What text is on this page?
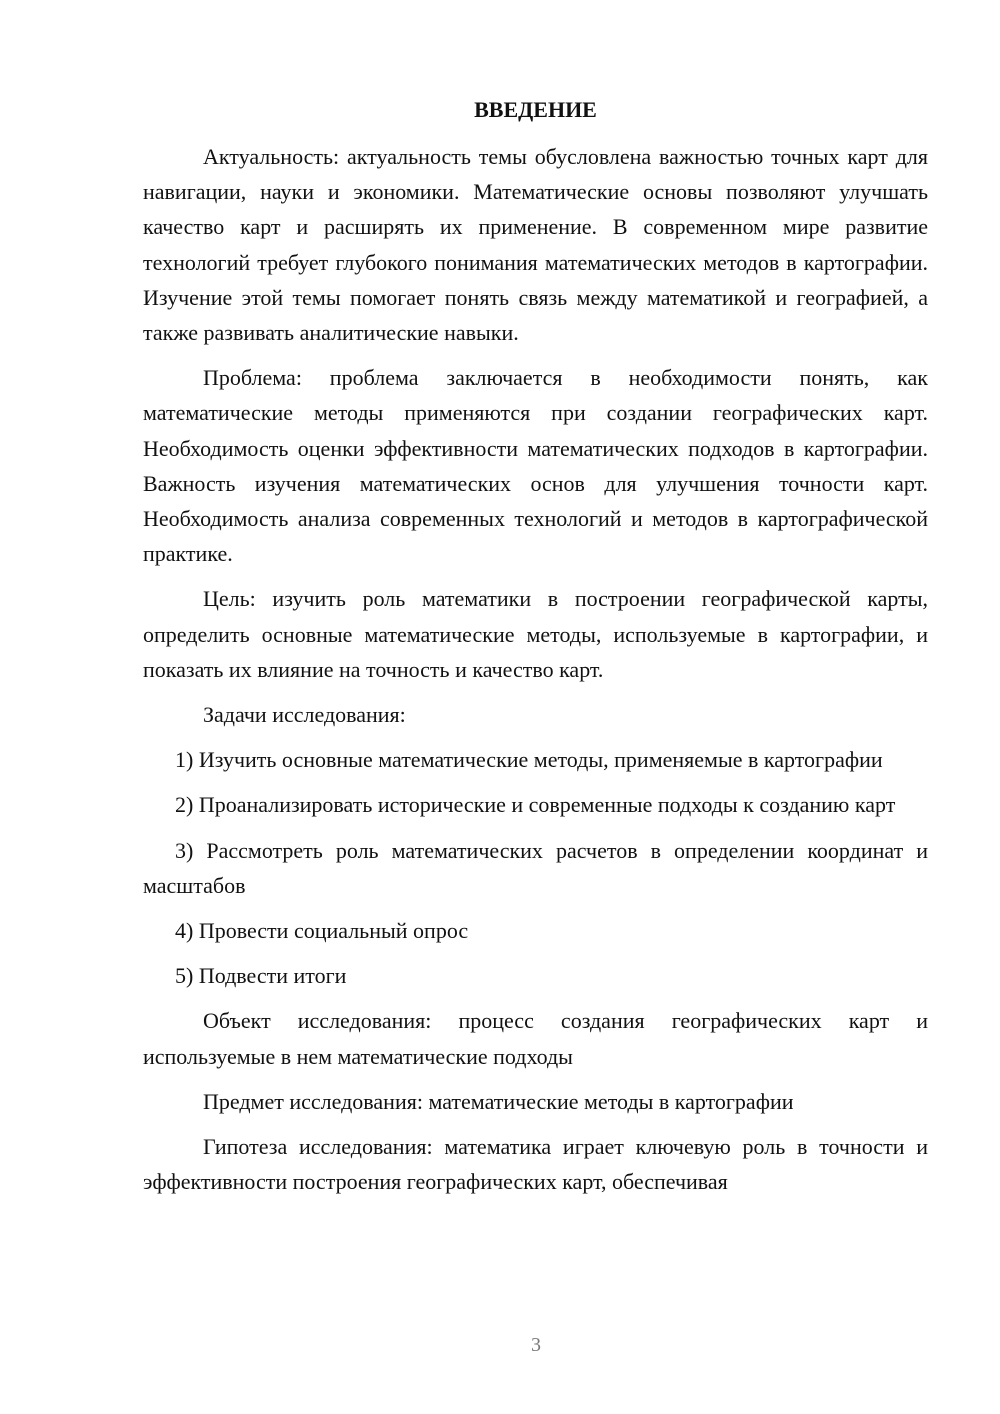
ВВЕДЕНИЕ

Актуальность: актуальность темы обусловлена важностью точных карт для навигации, науки и экономики. Математические основы позволяют улучшать качество карт и расширять их применение. В современном мире развитие технологий требует глубокого понимания математических методов в картографии. Изучение этой темы помогает понять связь между математикой и географией, а также развивать аналитические навыки.

Проблема: проблема заключается в необходимости понять, как математические методы применяются при создании географических карт. Необходимость оценки эффективности математических подходов в картографии. Важность изучения математических основ для улучшения точности карт. Необходимость анализа современных технологий и методов в картографической практике.

Цель: изучить роль математики в построении географической карты, определить основные математические методы, используемые в картографии, и показать их влияние на точность и качество карт.

Задачи исследования:

1) Изучить основные математические методы, применяемые в картографии

2) Проанализировать исторические и современные подходы к созданию карт

3) Рассмотреть роль математических расчетов в определении координат и масштабов

4) Провести социальный опрос

5) Подвести итоги

Объект исследования: процесс создания географических карт и используемые в нем математические подходы

Предмет исследования: математические методы в картографии

Гипотеза исследования: математика играет ключевую роль в точности и эффективности построения географических карт, обеспечивая

3
